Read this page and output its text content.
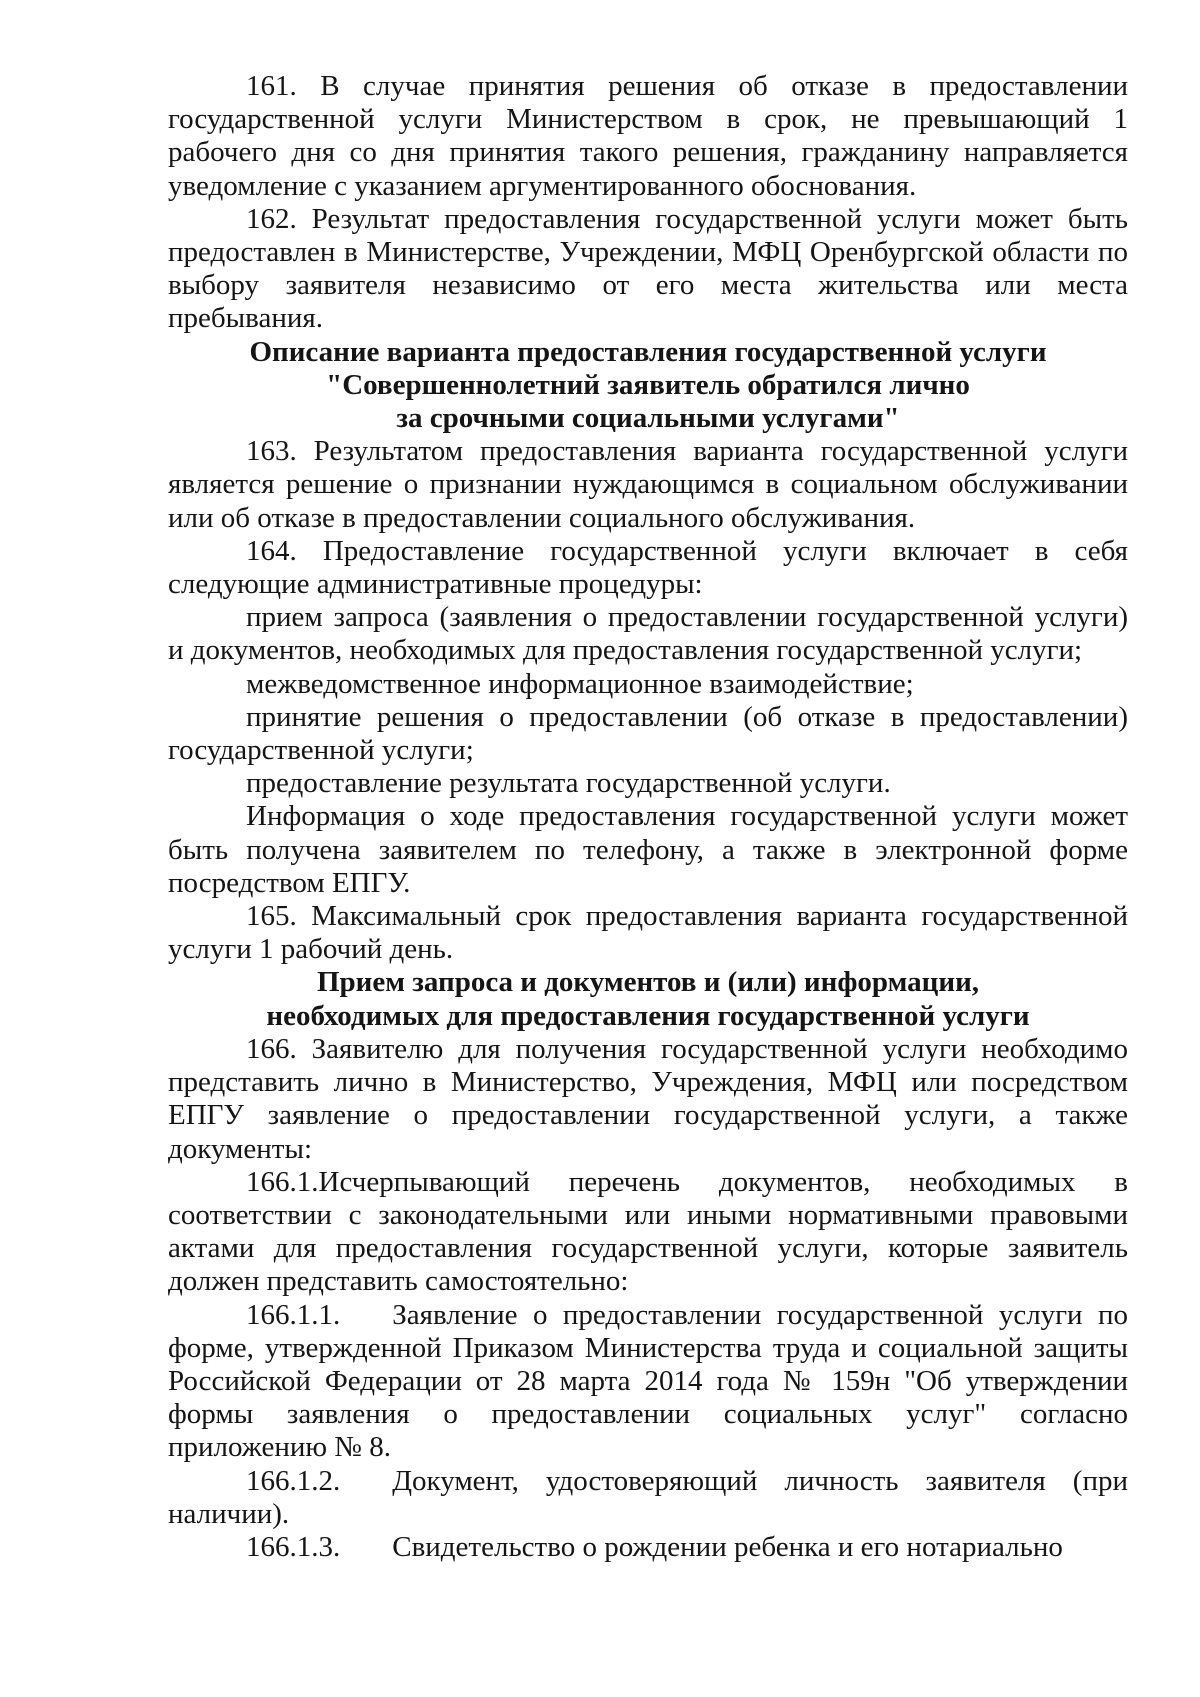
161. В случае принятия решения об отказе в предоставлении государственной услуги Министерством в срок, не превышающий 1 рабочего дня со дня принятия такого решения, гражданину направляется уведомление с указанием аргументированного обоснования.

162. Результат предоставления государственной услуги может быть предоставлен в Министерстве, Учреждении, МФЦ Оренбургской области по выбору заявителя независимо от его места жительства или места пребывания.

Описание варианта предоставления государственной услуги
"Совершеннолетний заявитель обратился лично
за срочными социальными услугами"

163. Результатом предоставления варианта государственной услуги является решение о признании нуждающимся в социальном обслуживании или об отказе в предоставлении социального обслуживания.

164. Предоставление государственной услуги включает в себя следующие административные процедуры:

прием запроса (заявления о предоставлении государственной услуги) и документов, необходимых для предоставления государственной услуги;

межведомственное информационное взаимодействие;

принятие решения о предоставлении (об отказе в предоставлении) государственной услуги;

предоставление результата государственной услуги.

Информация о ходе предоставления государственной услуги может быть получена заявителем по телефону, а также в электронной форме посредством ЕПГУ.

165. Максимальный срок предоставления варианта государственной услуги 1 рабочий день.

Прием запроса и документов и (или) информации,
необходимых для предоставления государственной услуги

166. Заявителю для получения государственной услуги необходимо представить лично в Министерство, Учреждения, МФЦ или посредством ЕПГУ заявление о предоставлении государственной услуги, а также документы:

166.1.Исчерпывающий перечень документов, необходимых в соответствии с законодательными или иными нормативными правовыми актами для предоставления государственной услуги, которые заявитель должен представить самостоятельно:

166.1.1. Заявление о предоставлении государственной услуги по форме, утвержденной Приказом Министерства труда и социальной защиты Российской Федерации от 28 марта 2014 года № 159н "Об утверждении формы заявления о предоставлении социальных услуг" согласно приложению № 8.

166.1.2. Документ, удостоверяющий личность заявителя (при наличии).

166.1.3. Свидетельство о рождении ребенка и его нотариально
